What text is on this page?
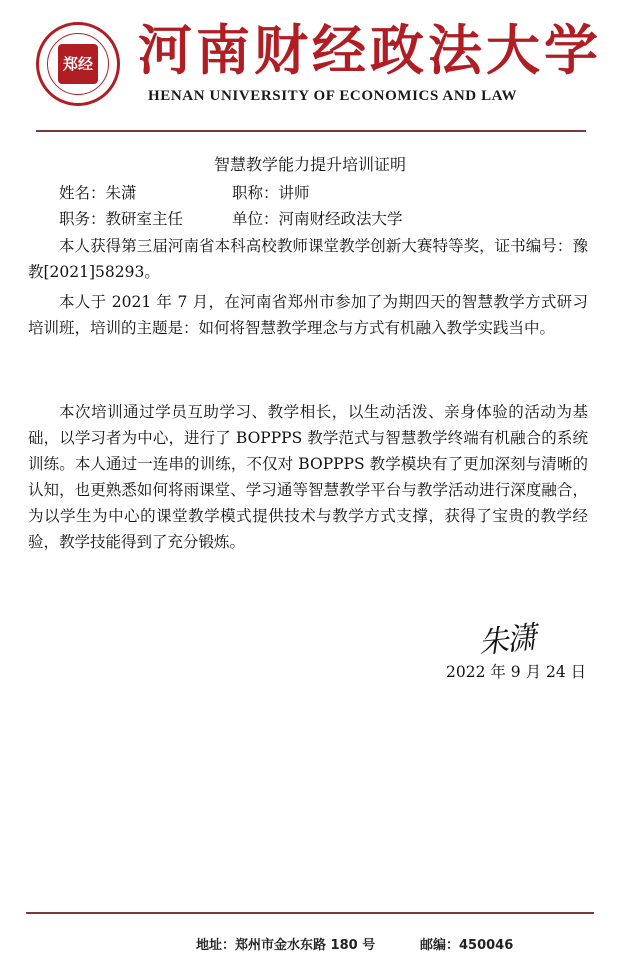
郑经 河南财经政法大学
HENAN UNIVERSITY OF ECONOMICS AND LAW
智慧教学能力提升培训证明
姓名：朱潇	职称：讲师
职务：教研室主任	单位：河南财经政法大学
本人获得第三届河南省本科高校教师课堂教学创新大赛特等奖，证书编号：豫教[2021]58293。
本人于 2021 年 7 月，在河南省郑州市参加了为期四天的智慧教学方式研习培训班，培训的主题是：如何将智慧教学理念与方式有机融入教学实践当中。
本次培训通过学员互助学习、教学相长，以生动活泼、亲身体验的活动为基础，以学习者为中心，进行了 BOPPPS 教学范式与智慧教学终端有机融合的系统训练。本人通过一连串的训练，不仅对 BOPPPS 教学模块有了更加深刻与清晰的认知，也更熟悉如何将雨课堂、学习通等智慧教学平台与教学活动进行深度融合，为以学生为中心的课堂教学模式提供技术与教学方式支撑，获得了宝贵的教学经验，教学技能得到了充分锻炼。
朱潇
2022 年 9 月 24 日
地址：郑州市金水东路 180 号	邮编：450046
